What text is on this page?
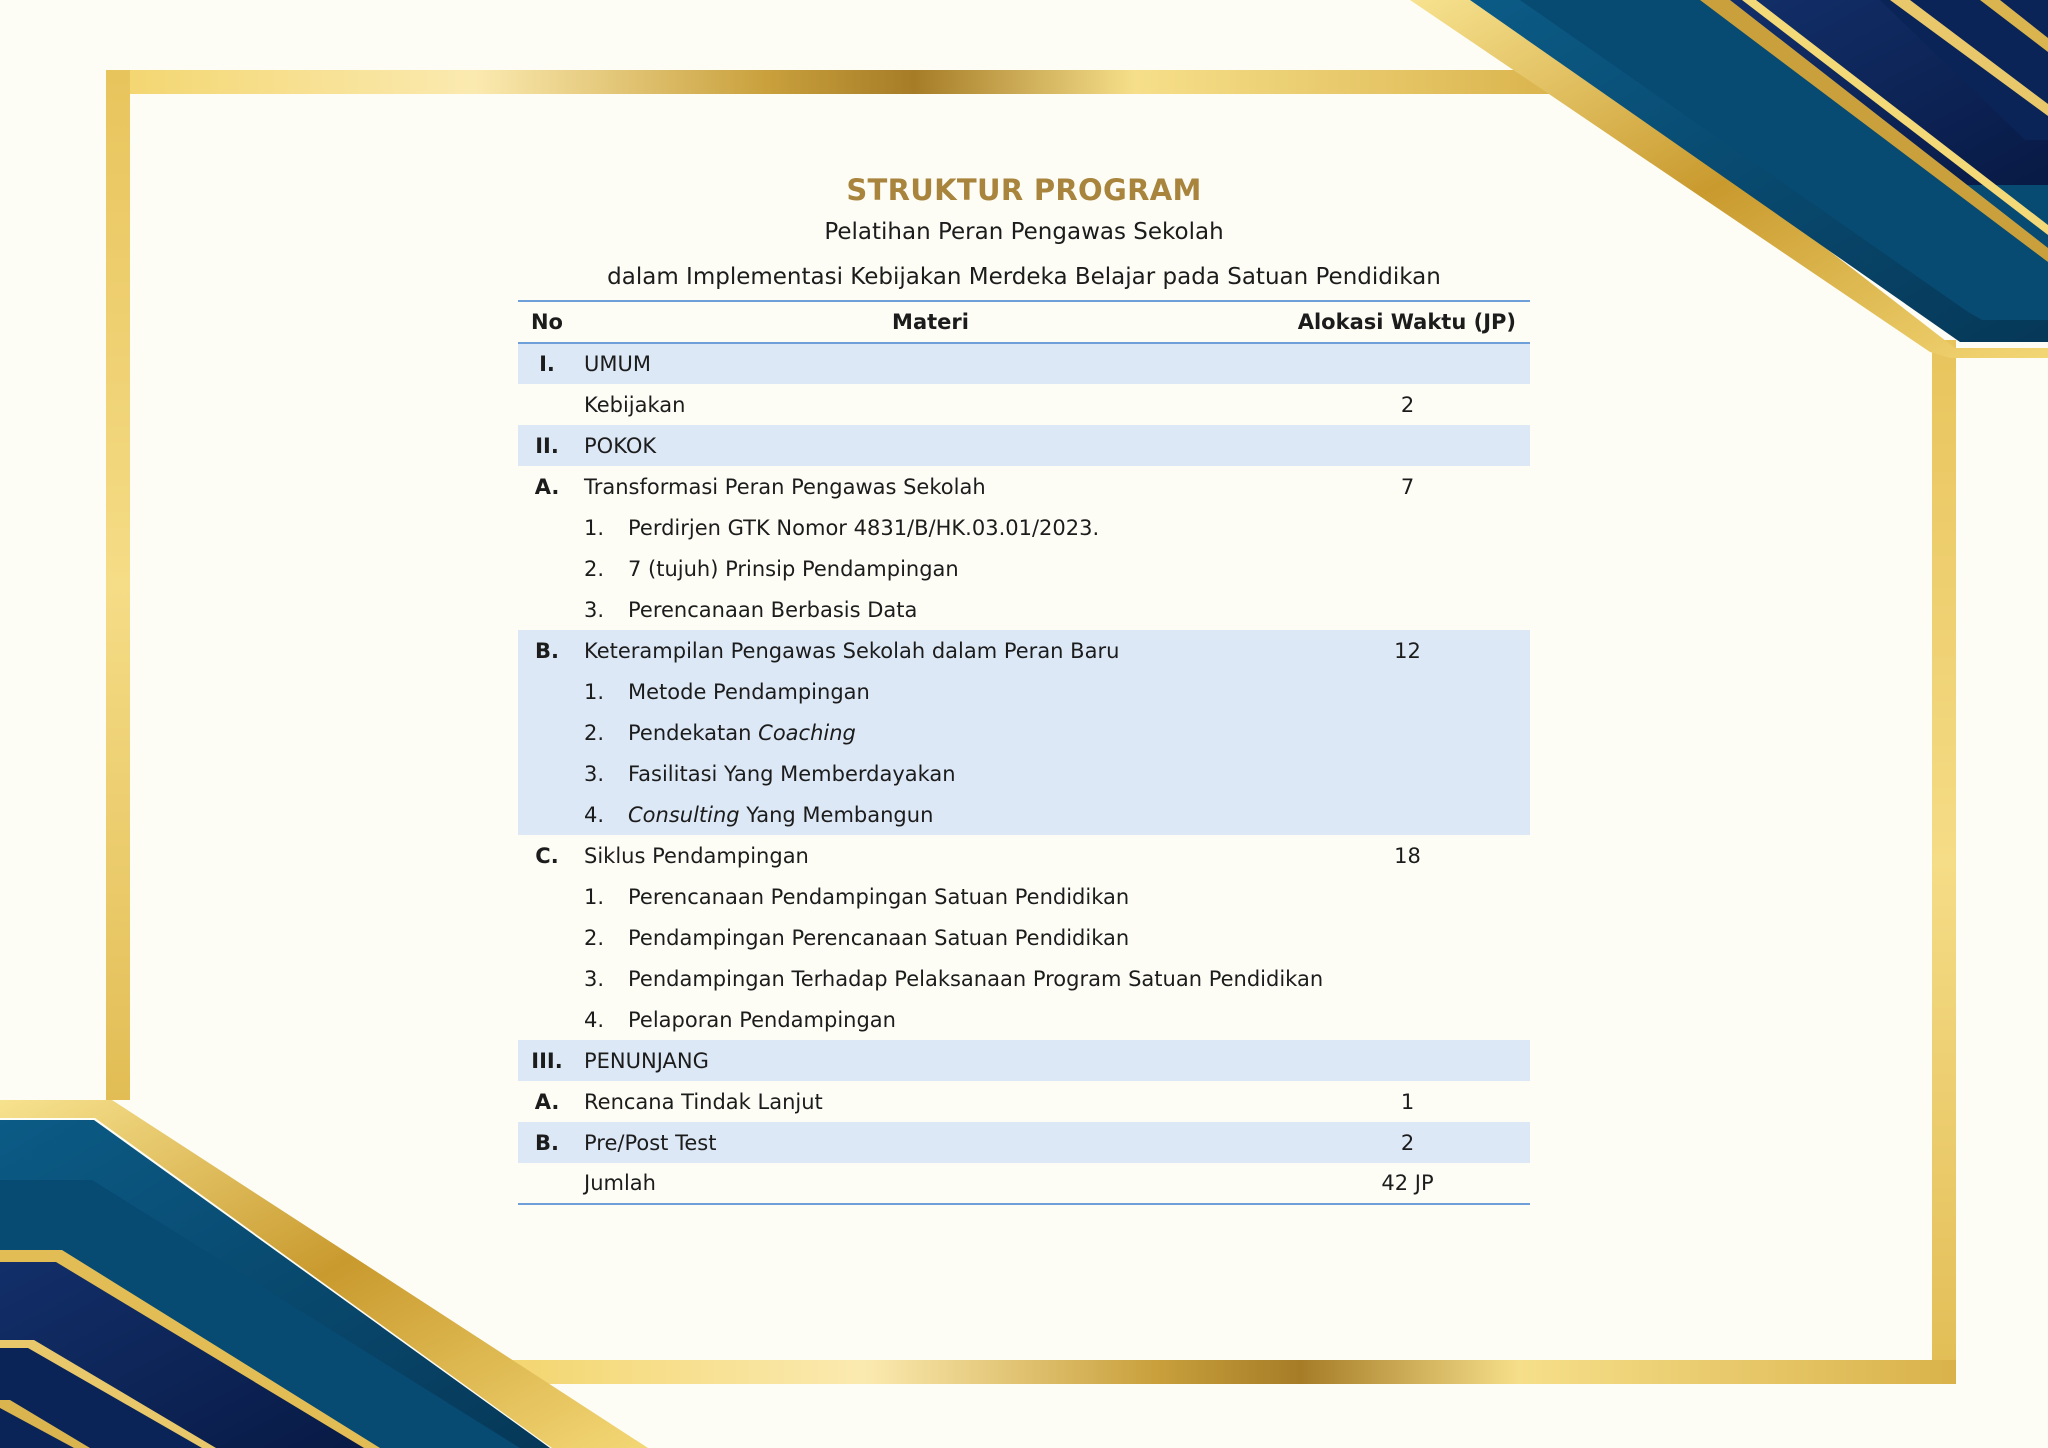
STRUKTUR PROGRAM
Pelatihan Peran Pengawas Sekolah
dalam Implementasi Kebijakan Merdeka Belajar pada Satuan Pendidikan
No	Materi	Alokasi Waktu (JP)
I.	UMUM	
	Kebijakan	2
II.	POKOK	
A.	Transformasi Peran Pengawas Sekolah	7
	1. Perdirjen GTK Nomor 4831/B/HK.03.01/2023.	
	2. 7 (tujuh) Prinsip Pendampingan	
	3. Perencanaan Berbasis Data	
B.	Keterampilan Pengawas Sekolah dalam Peran Baru	12
	1. Metode Pendampingan	
	2. Pendekatan Coaching	
	3. Fasilitasi Yang Memberdayakan	
	4. Consulting Yang Membangun	
C.	Siklus Pendampingan	18
	1. Perencanaan Pendampingan Satuan Pendidikan	
	2. Pendampingan Perencanaan Satuan Pendidikan	
	3. Pendampingan Terhadap Pelaksanaan Program Satuan Pendidikan	
	4. Pelaporan Pendampingan	
III.	PENUNJANG	
A.	Rencana Tindak Lanjut	1
B.	Pre/Post Test	2
	Jumlah	42 JP
